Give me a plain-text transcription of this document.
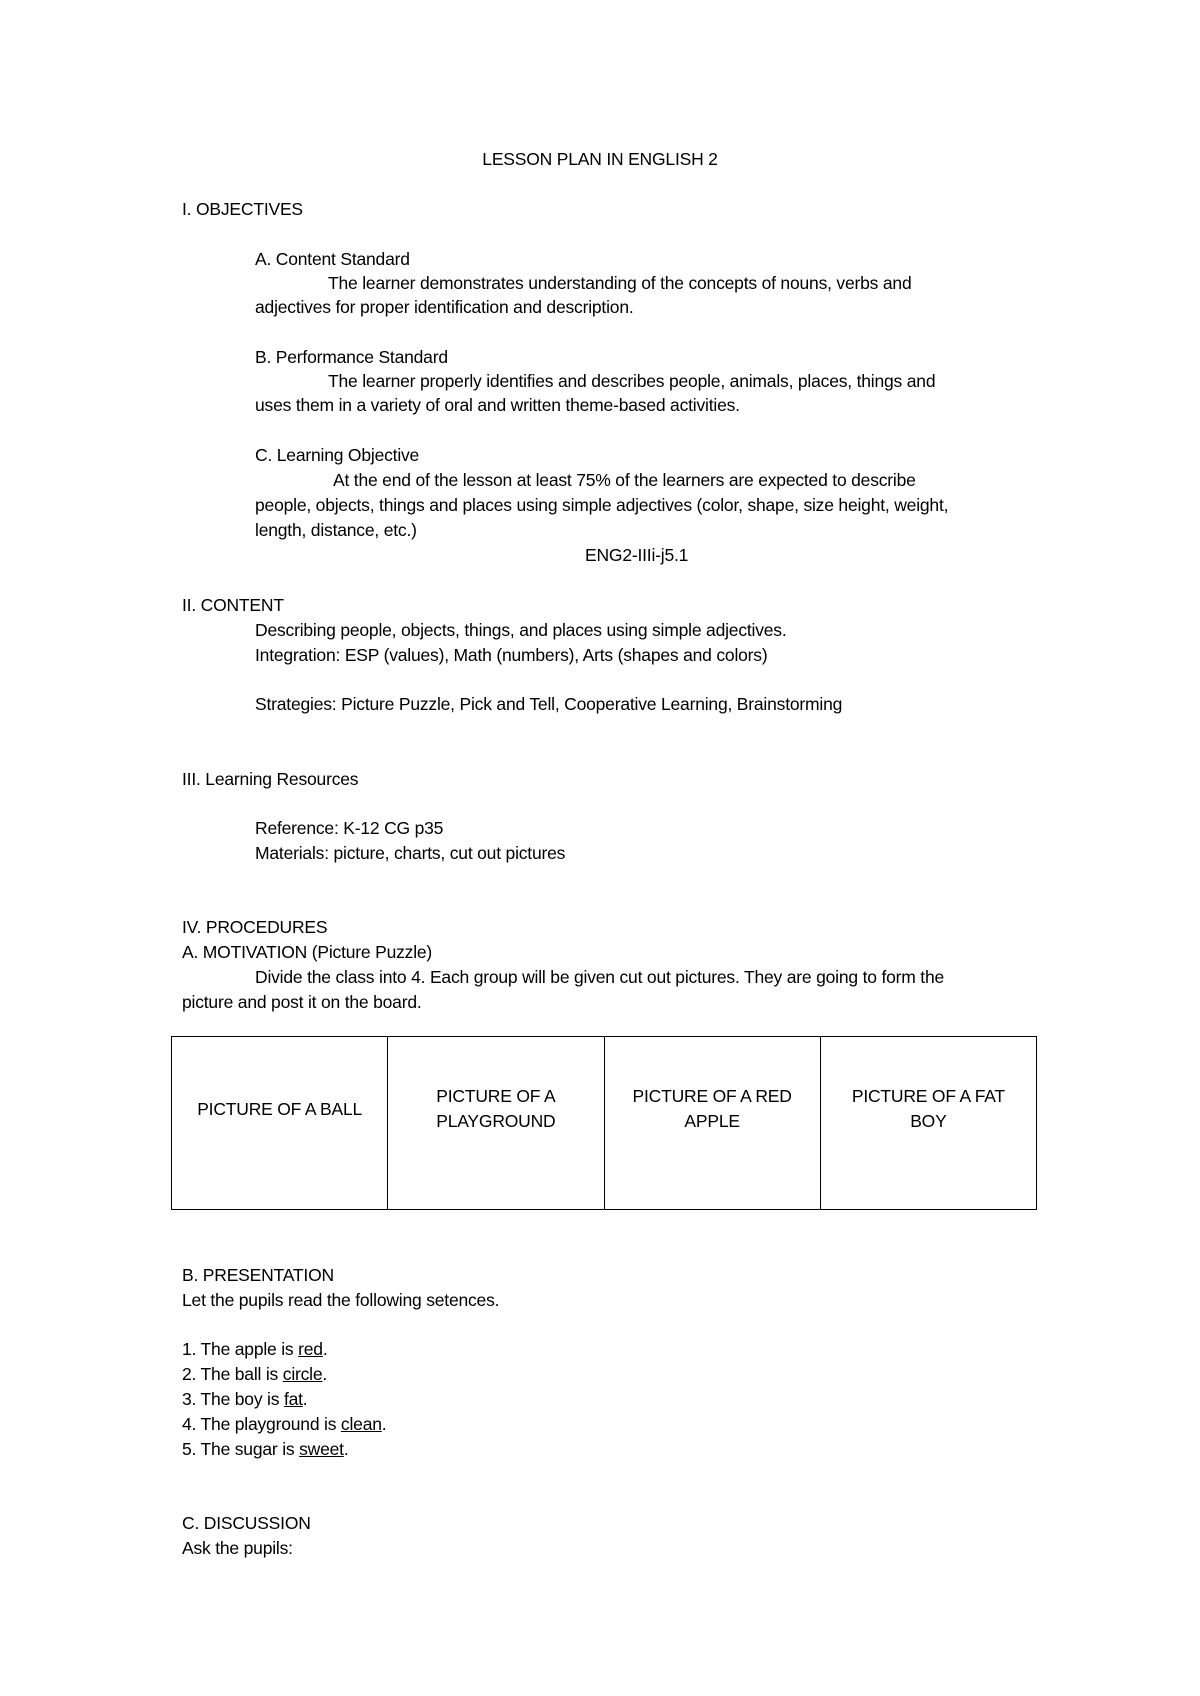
LESSON PLAN IN ENGLISH 2
I. OBJECTIVES
A. Content Standard
The learner demonstrates understanding of the concepts of nouns, verbs and
adjectives for proper identification and description.
B. Performance Standard
The learner properly identifies and describes people, animals, places, things and
uses them in a variety of oral and written theme-based activities.
C. Learning Objective
At the end of the lesson at least 75% of the learners are expected to describe
people, objects, things and places using simple adjectives (color, shape, size height, weight,
length, distance, etc.)
ENG2-IIIi-j5.1
II. CONTENT
Describing people, objects, things, and places using simple adjectives.
Integration: ESP (values), Math (numbers), Arts (shapes and colors)
Strategies: Picture Puzzle, Pick and Tell, Cooperative Learning, Brainstorming
III. Learning Resources
Reference: K-12 CG p35
Materials: picture, charts, cut out pictures
IV. PROCEDURES
A. MOTIVATION (Picture Puzzle)
Divide the class into 4. Each group will be given cut out pictures. They are going to form the
picture and post it on the board.
PICTURE OF A BALL	PICTURE OF A PLAYGROUND	PICTURE OF A RED APPLE	PICTURE OF A FAT BOY
B. PRESENTATION
Let the pupils read the following setences.
1. The apple is red.
2. The ball is circle.
3. The boy is fat.
4. The playground is clean.
5. The sugar is sweet.
C. DISCUSSION
Ask the pupils:
